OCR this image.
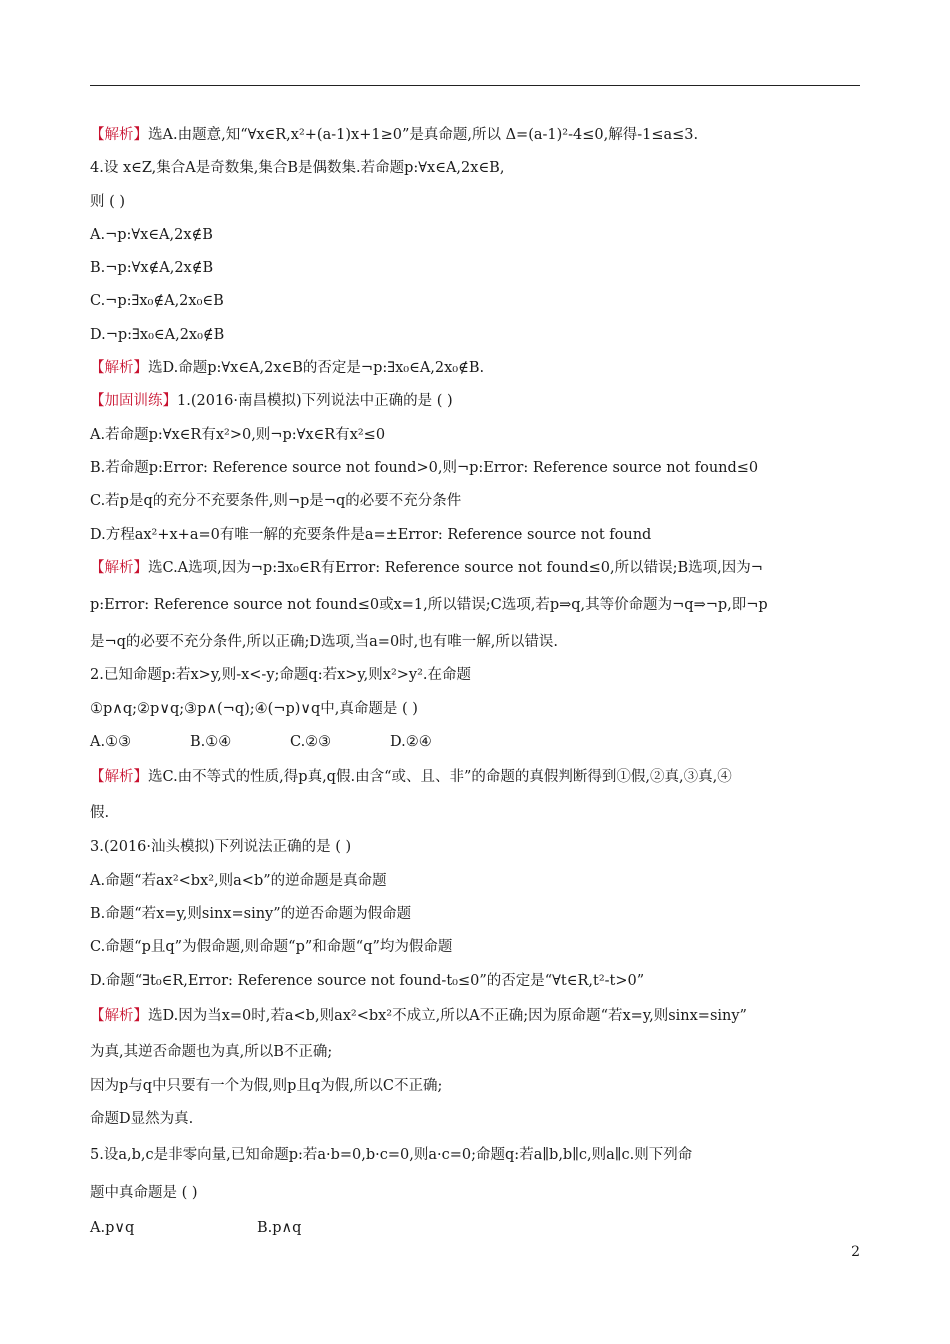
【解析】选A.由题意,知“∀x∈R,x²+(a-1)x+1≥0”是真命题,所以 Δ=(a-1)²-4≤0,解得-1≤a≤3.
4.设 x∈Z,集合A是奇数集,集合B是偶数集.若命题p:∀x∈A,2x∈B,
则 ( )
A.¬p:∀x∈A,2x∉B
B.¬p:∀x∉A,2x∉B
C.¬p:∃x₀∉A,2x₀∈B
D.¬p:∃x₀∈A,2x₀∉B
【解析】选D.命题p:∀x∈A,2x∈B的否定是¬p:∃x₀∈A,2x₀∉B.
【加固训练】1.(2016·南昌模拟)下列说法中正确的是 ( )
A.若命题p:∀x∈R有x²>0,则¬p:∀x∈R有x²≤0
B.若命题p:Error: Reference source not found>0,则¬p:Error: Reference source not found≤0
C.若p是q的充分不充要条件,则¬p是¬q的必要不充分条件
D.方程ax²+x+a=0有唯一解的充要条件是a=±Error: Reference source not found
【解析】选C.A选项,因为¬p:∃x₀∈R有Error: Reference source not found≤0,所以错误;B选项,因为¬
p:Error: Reference source not found≤0或x=1,所以错误;C选项,若p⇒q,其等价命题为¬q⇒¬p,即¬p
是¬q的必要不充分条件,所以正确;D选项,当a=0时,也有唯一解,所以错误.
2.已知命题p:若x>y,则-x<-y;命题q:若x>y,则x²>y².在命题
①p∧q;②p∨q;③p∧(¬q);④(¬p)∨q中,真命题是 ( )
A.①③	B.①④	C.②③	D.②④
【解析】选C.由不等式的性质,得p真,q假.由含“或、且、非”的命题的真假判断得到①假,②真,③真,④
假.
3.(2016·汕头模拟)下列说法正确的是 ( )
A.命题“若ax²<bx²,则a<b”的逆命题是真命题
B.命题“若x=y,则sinx=siny”的逆否命题为假命题
C.命题“p且q”为假命题,则命题“p”和命题“q”均为假命题
D.命题“∃t₀∈R,Error: Reference source not found-t₀≤0”的否定是“∀t∈R,t²-t>0”
【解析】选D.因为当x=0时,若a<b,则ax²<bx²不成立,所以A不正确;因为原命题“若x=y,则sinx=siny”
为真,其逆否命题也为真,所以B不正确;
因为p与q中只要有一个为假,则p且q为假,所以C不正确;
命题D显然为真.
5.设a,b,c是非零向量,已知命题p:若a·b=0,b·c=0,则a·c=0;命题q:若a∥b,b∥c,则a∥c.则下列命
题中真命题是 ( )
A.p∨q	B.p∧q
2
